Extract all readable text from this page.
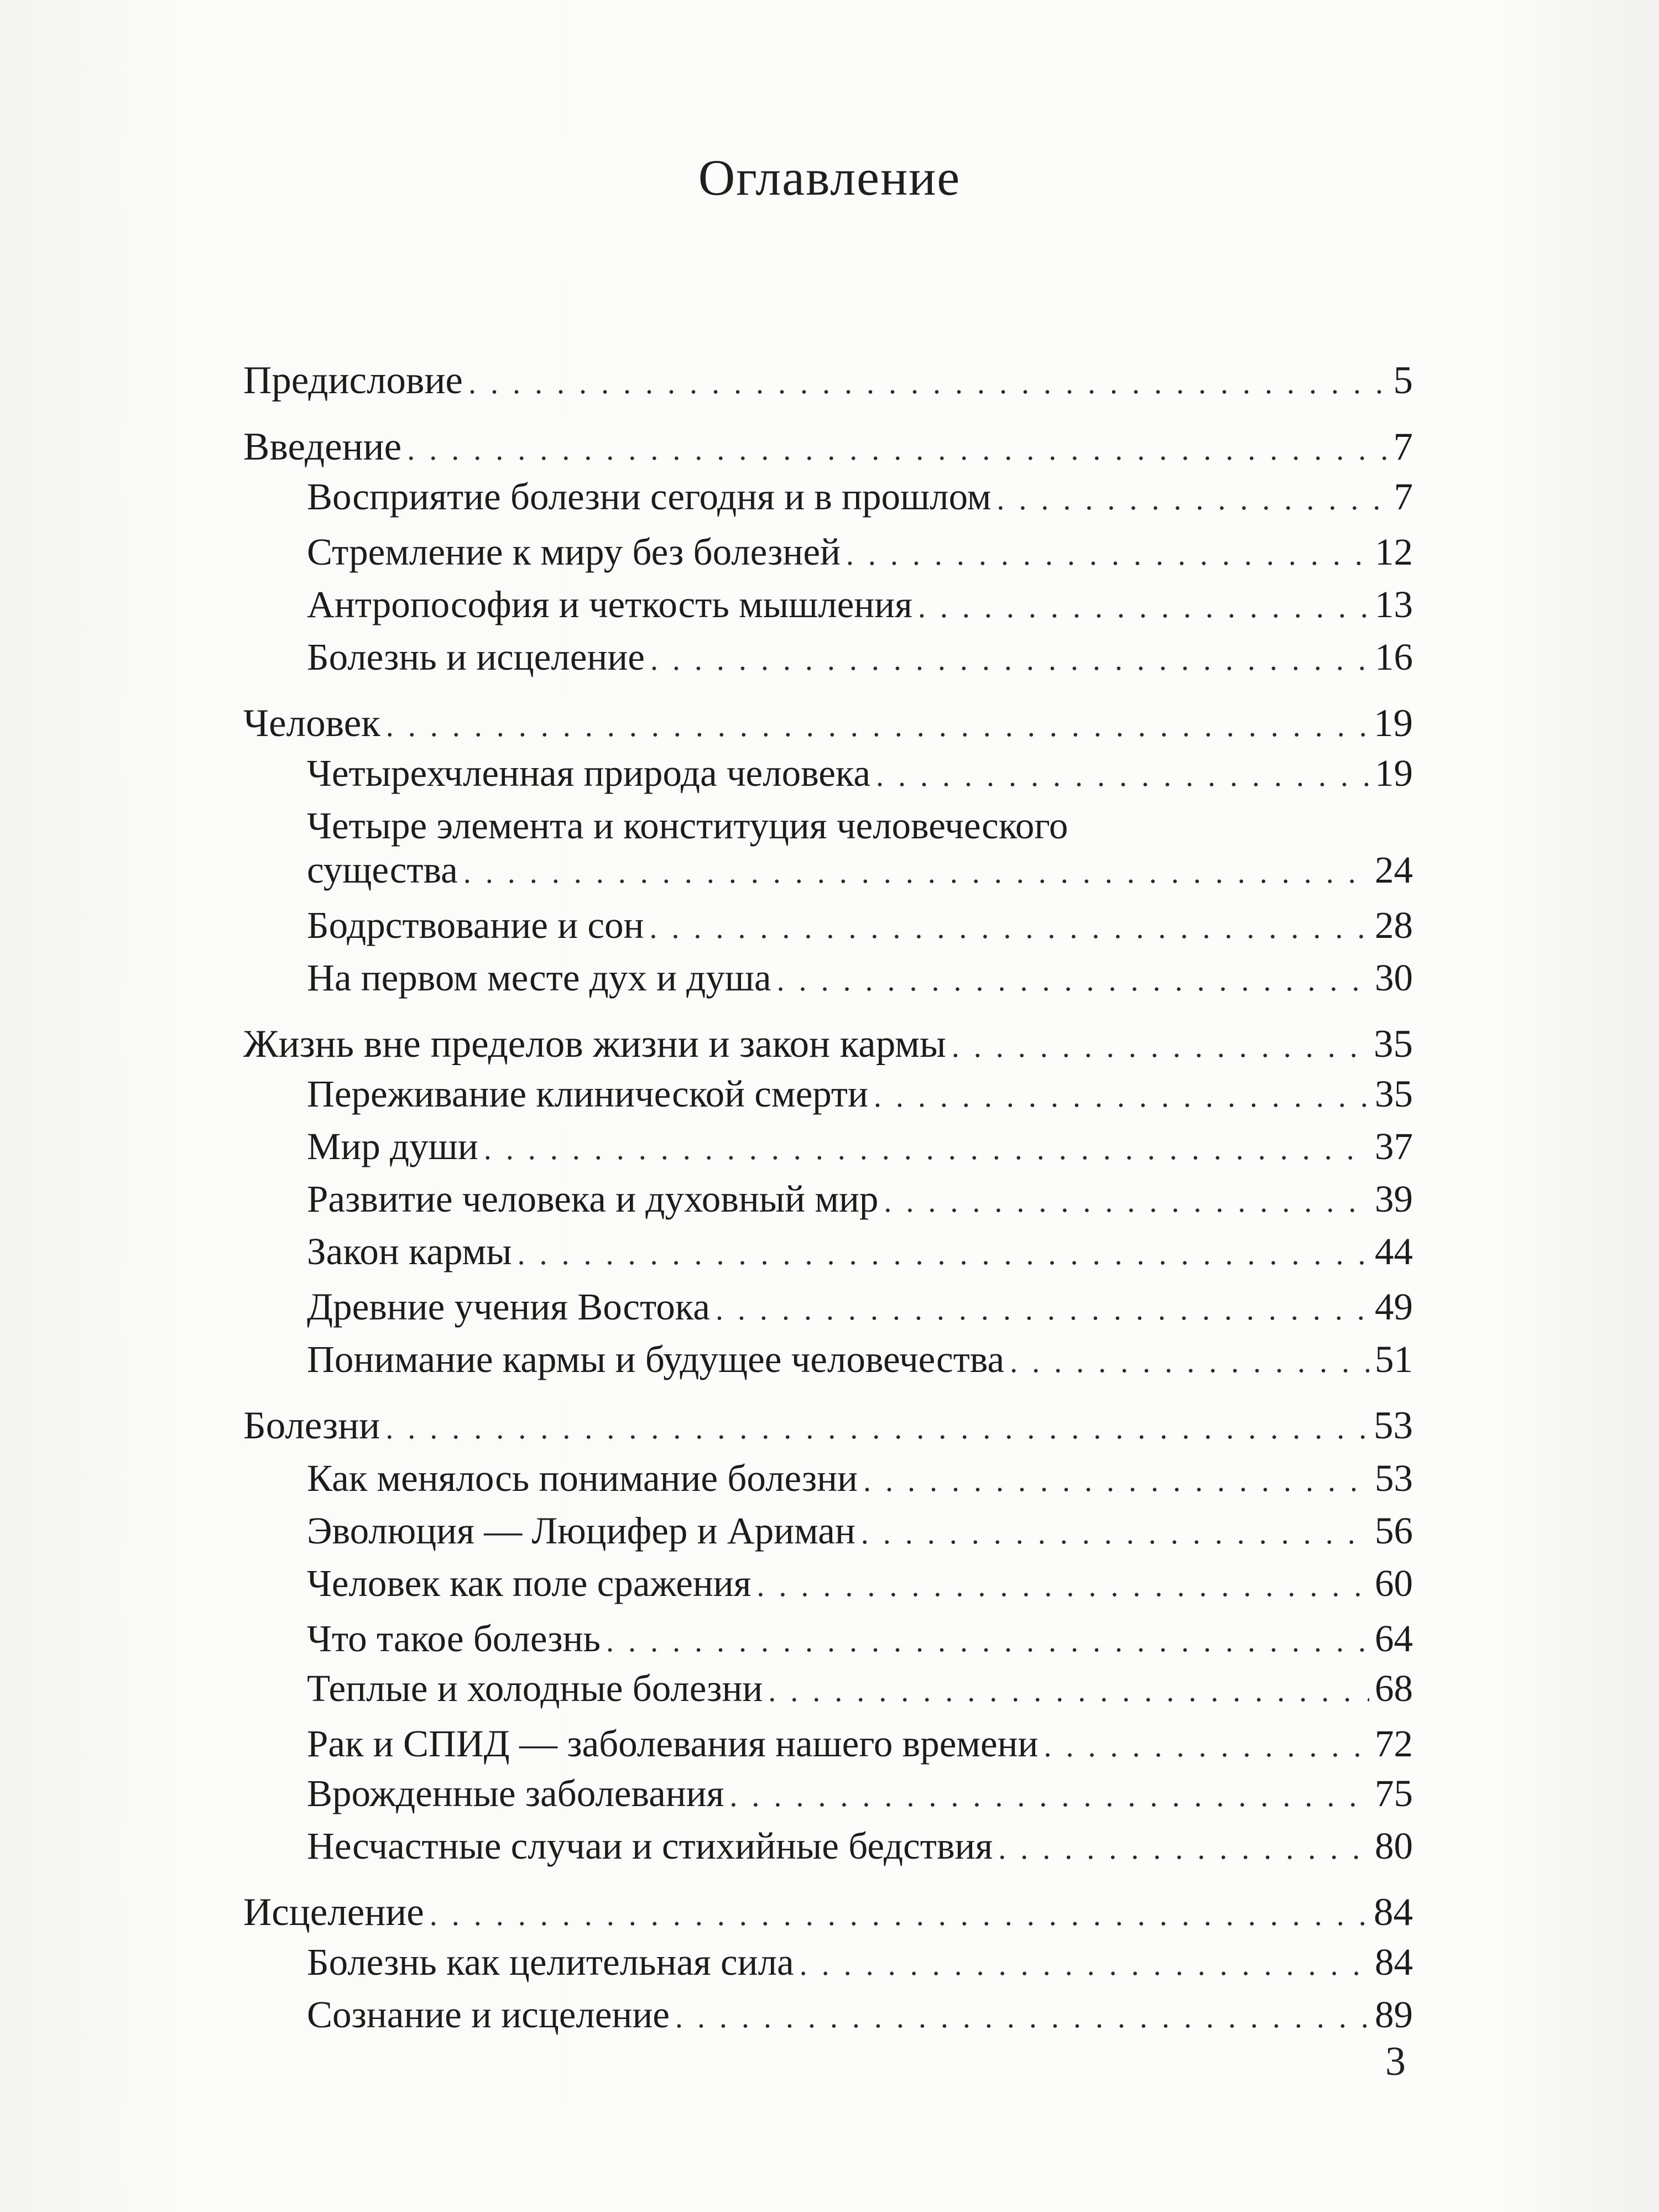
Оглавление
Предисловие . . .	5
Введение . . .	7
Восприятие болезни сегодня и в прошлом . . .	7
Стремление к миру без болезней . . .	12
Антропософия и четкость мышления . . .	13
Болезнь и исцеление . . .	16
Человек . . .	19
Четырехчленная природа человека . . .	19
Четыре элемента и конституция человеческого
существа . . .	24
Бодрствование и сон . . .	28
На первом месте дух и душа . . .	30
Жизнь вне пределов жизни и закон кармы . . .	35
Переживание клинической смерти . . .	35
Мир души . . .	37
Развитие человека и духовный мир . . .	39
Закон кармы . . .	44
Древние учения Востока . . .	49
Понимание кармы и будущее человечества . . .	51
Болезни . . .	53
Как менялось понимание болезни . . .	53
Эволюция — Люцифер и Ариман . . .	56
Человек как поле сражения . . .	60
Что такое болезнь . . .	64
Теплые и холодные болезни . . .	68
Рак и СПИД — заболевания нашего времени . . .	72
Врожденные заболевания . . .	75
Несчастные случаи и стихийные бедствия . . .	80
Исцеление . . .	84
Болезнь как целительная сила . . .	84
Сознание и исцеление . . .	89
3
